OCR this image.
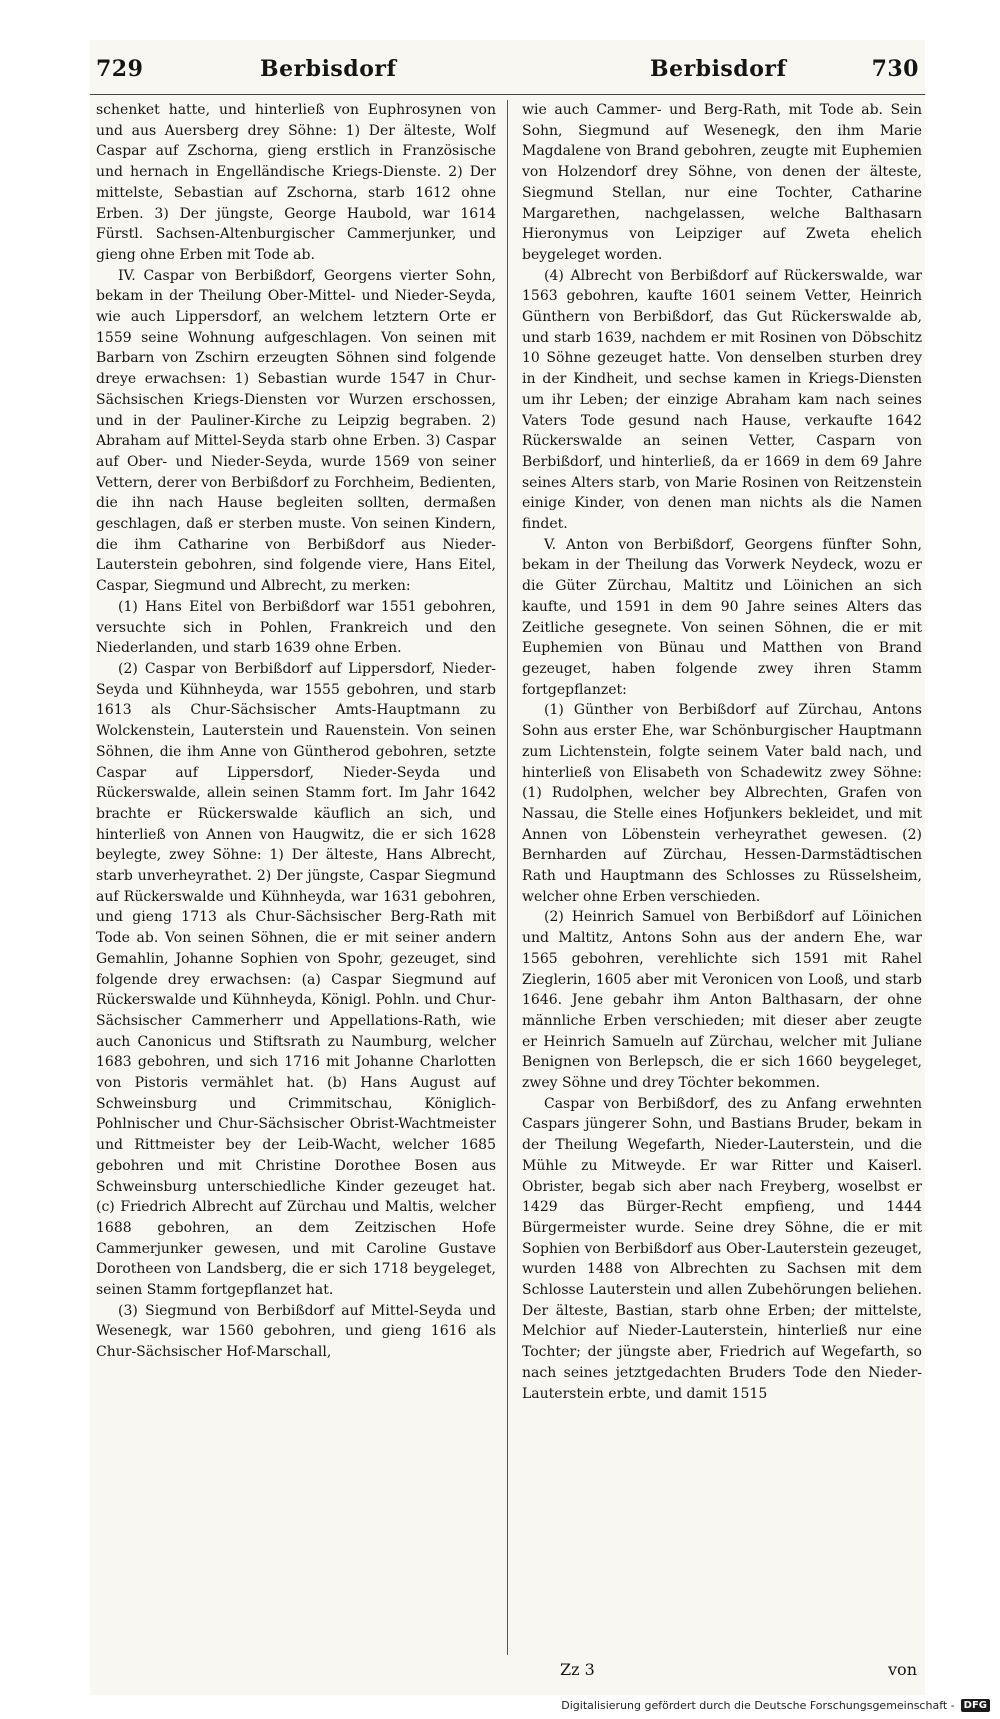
729	Berbisdorf	Berbisdorf	730

schenket hatte, und hinterließ von Euphrosynen von und aus Auersberg drey Söhne: 1) Der älteste, Wolf Caspar auf Zschorna, gieng erstlich in Französische und hernach in Engelländische Kriegs-Dienste. 2) Der mittelste, Sebastian auf Zschorna, starb 1612 ohne Erben. 3) Der jüngste, George Haubold, war 1614 Fürstl. Sachsen-Altenburgischer Cammerjunker, und gieng ohne Erben mit Tode ab.

IV. Caspar von Berbißdorf, Georgens vierter Sohn, bekam in der Theilung Ober-Mittel- und Nieder-Seyda, wie auch Lippersdorf, an welchem letztern Orte er 1559 seine Wohnung aufgeschlagen. Von seinen mit Barbarn von Zschirn erzeugten Söhnen sind folgende dreye erwachsen: 1) Sebastian wurde 1547 in Chur-Sächsischen Kriegs-Diensten vor Wurzen erschossen, und in der Pauliner-Kirche zu Leipzig begraben. 2) Abraham auf Mittel-Seyda starb ohne Erben. 3) Caspar auf Ober- und Nieder-Seyda, wurde 1569 von seiner Vettern, derer von Berbißdorf zu Forchheim, Bedienten, die ihn nach Hause begleiten sollten, dermaßen geschlagen, daß er sterben muste. Von seinen Kindern, die ihm Catharine von Berbißdorf aus Nieder-Lauterstein gebohren, sind folgende viere, Hans Eitel, Caspar, Siegmund und Albrecht, zu merken:

(1) Hans Eitel von Berbißdorf war 1551 gebohren, versuchte sich in Pohlen, Frankreich und den Niederlanden, und starb 1639 ohne Erben.

(2) Caspar von Berbißdorf auf Lippersdorf, Nieder-Seyda und Kühnheyda, war 1555 gebohren, und starb 1613 als Chur-Sächsischer Amts-Hauptmann zu Wolckenstein, Lauterstein und Rauenstein. Von seinen Söhnen, die ihm Anne von Güntherod gebohren, setzte Caspar auf Lippersdorf, Nieder-Seyda und Rückerswalde, allein seinen Stamm fort. Im Jahr 1642 brachte er Rückerswalde käuflich an sich, und hinterließ von Annen von Haugwitz, die er sich 1628 beylegte, zwey Söhne: 1) Der älteste, Hans Albrecht, starb unverheyrathet. 2) Der jüngste, Caspar Siegmund auf Rückerswalde und Kühnheyda, war 1631 gebohren, und gieng 1713 als Chur-Sächsischer Berg-Rath mit Tode ab. Von seinen Söhnen, die er mit seiner andern Gemahlin, Johanne Sophien von Spohr, gezeuget, sind folgende drey erwachsen: (a) Caspar Siegmund auf Rückerswalde und Kühnheyda, Königl. Pohln. und Chur-Sächsischer Cammerherr und Appellations-Rath, wie auch Canonicus und Stiftsrath zu Naumburg, welcher 1683 gebohren, und sich 1716 mit Johanne Charlotten von Pistoris vermählet hat. (b) Hans August auf Schweinsburg und Crimmitschau, Königlich-Pohlnischer und Chur-Sächsischer Obrist-Wachtmeister und Rittmeister bey der Leib-Wacht, welcher 1685 gebohren und mit Christine Dorothee Bosen aus Schweinsburg unterschiedliche Kinder gezeuget hat. (c) Friedrich Albrecht auf Zürchau und Maltis, welcher 1688 gebohren, an dem Zeitzischen Hofe Cammerjunker gewesen, und mit Caroline Gustave Dorotheen von Landsberg, die er sich 1718 beygeleget, seinen Stamm fortgepflanzet hat.

(3) Siegmund von Berbißdorf auf Mittel-Seyda und Wesenegk, war 1560 gebohren, und gieng 1616 als Chur-Sächsischer Hof-Marschall,

wie auch Cammer- und Berg-Rath, mit Tode ab. Sein Sohn, Siegmund auf Wesenegk, den ihm Marie Magdalene von Brand gebohren, zeugte mit Euphemien von Holzendorf drey Söhne, von denen der älteste, Siegmund Stellan, nur eine Tochter, Catharine Margarethen, nachgelassen, welche Balthasarn Hieronymus von Leipziger auf Zweta ehelich beygeleget worden.

(4) Albrecht von Berbißdorf auf Rückerswalde, war 1563 gebohren, kaufte 1601 seinem Vetter, Heinrich Günthern von Berbißdorf, das Gut Rückerswalde ab, und starb 1639, nachdem er mit Rosinen von Döbschitz 10 Söhne gezeuget hatte. Von denselben sturben drey in der Kindheit, und sechse kamen in Kriegs-Diensten um ihr Leben; der einzige Abraham kam nach seines Vaters Tode gesund nach Hause, verkaufte 1642 Rückerswalde an seinen Vetter, Casparn von Berbißdorf, und hinterließ, da er 1669 in dem 69 Jahre seines Alters starb, von Marie Rosinen von Reitzenstein einige Kinder, von denen man nichts als die Namen findet.

V. Anton von Berbißdorf, Georgens fünfter Sohn, bekam in der Theilung das Vorwerk Neydeck, wozu er die Güter Zürchau, Maltitz und Löinichen an sich kaufte, und 1591 in dem 90 Jahre seines Alters das Zeitliche gesegnete. Von seinen Söhnen, die er mit Euphemien von Bünau und Matthen von Brand gezeuget, haben folgende zwey ihren Stamm fortgepflanzet:

(1) Günther von Berbißdorf auf Zürchau, Antons Sohn aus erster Ehe, war Schönburgischer Hauptmann zum Lichtenstein, folgte seinem Vater bald nach, und hinterließ von Elisabeth von Schadewitz zwey Söhne: (1) Rudolphen, welcher bey Albrechten, Grafen von Nassau, die Stelle eines Hofjunkers bekleidet, und mit Annen von Löbenstein verheyrathet gewesen. (2) Bernharden auf Zürchau, Hessen-Darmstädtischen Rath und Hauptmann des Schlosses zu Rüsselsheim, welcher ohne Erben verschieden.

(2) Heinrich Samuel von Berbißdorf auf Löinichen und Maltitz, Antons Sohn aus der andern Ehe, war 1565 gebohren, verehlichte sich 1591 mit Rahel Zieglerin, 1605 aber mit Veronicen von Looß, und starb 1646. Jene gebahr ihm Anton Balthasarn, der ohne männliche Erben verschieden; mit dieser aber zeugte er Heinrich Samueln auf Zürchau, welcher mit Juliane Benignen von Berlepsch, die er sich 1660 beygeleget, zwey Söhne und drey Töchter bekommen.

Caspar von Berbißdorf, des zu Anfang erwehnten Caspars jüngerer Sohn, und Bastians Bruder, bekam in der Theilung Wegefarth, Nieder-Lauterstein, und die Mühle zu Mitweyde. Er war Ritter und Kaiserl. Obrister, begab sich aber nach Freyberg, woselbst er 1429 das Bürger-Recht empfieng, und 1444 Bürgermeister wurde. Seine drey Söhne, die er mit Sophien von Berbißdorf aus Ober-Lauterstein gezeuget, wurden 1488 von Albrechten zu Sachsen mit dem Schlosse Lauterstein und allen Zubehörungen beliehen. Der älteste, Bastian, starb ohne Erben; der mittelste, Melchior auf Nieder-Lauterstein, hinterließ nur eine Tochter; der jüngste aber, Friedrich auf Wegefarth, so nach seines jetztgedachten Bruders Tode den Nieder-Lauterstein erbte, und damit 1515

Zz 3	von
Digitalisierung gefördert durch die Deutsche Forschungsgemeinschaft - DFG
